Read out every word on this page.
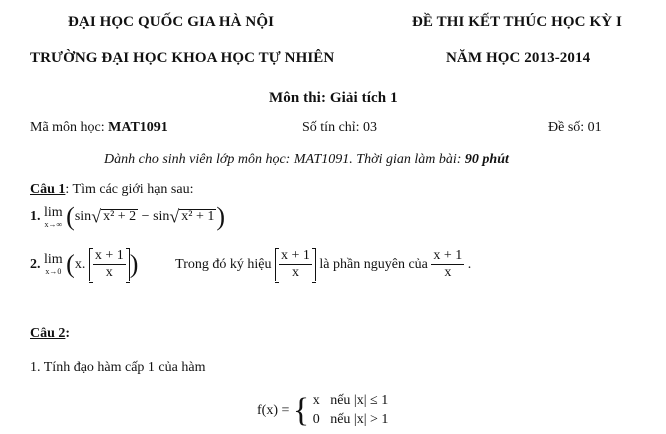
ĐẠI HỌC QUỐC GIA HÀ NỘI	ĐỀ THI KẾT THÚC HỌC KỲ I
TRƯỜNG ĐẠI HỌC KHOA HỌC TỰ NHIÊN	NĂM HỌC 2013-2014
Môn thi: Giải tích 1
Mã môn học: MAT1091	Số tín chỉ: 03	Đề số: 01
Dành cho sinh viên lớp môn học: MAT1091. Thời gian làm bài: 90 phút
Câu 1: Tìm các giới hạn sau:
1. lim
x→∞ (sin√ x² + 2 − sin√ x² + 1)
2. lim
x→0 (x. $\frac{x + 1}{x}$ )	Trong đó ký hiệu $\frac{x + 1}{x}$ là phần nguyên của $\frac{x + 1}{x}$ .
Câu 2:
1. Tính đạo hàm cấp 1 của hàm
f(x) = { x nếu |x| ≤ 1
0 nếu |x| > 1
